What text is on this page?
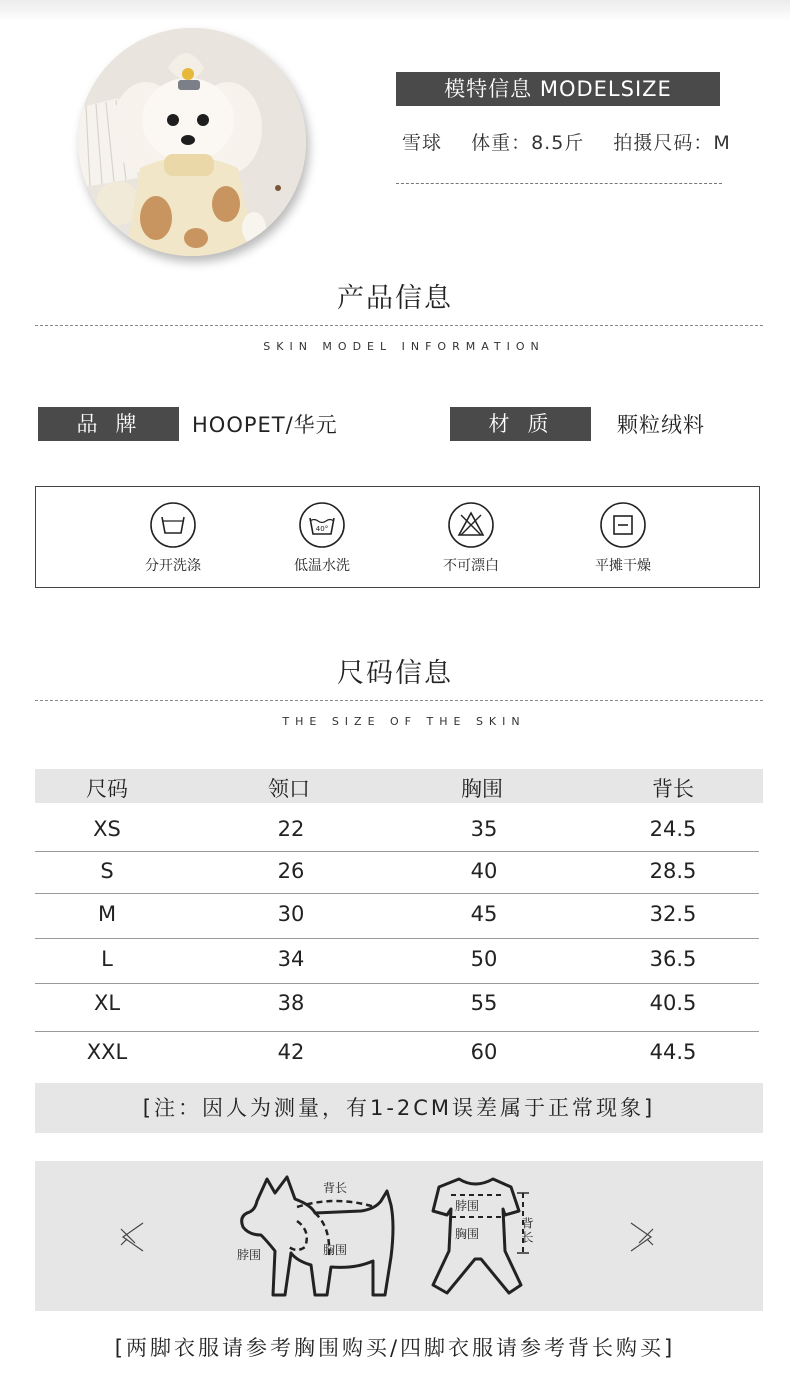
模特信息 MODELSIZE
雪球 体重：8.5斤 拍摄尺码：M
产品信息
SKIN MODEL INFORMATION
品牌	HOOPET/华元	材质	颗粒绒料
分开洗涤
40°
低温水洗	不可漂白	平摊干燥
尺码信息
THE SIZE OF THE SKIN
尺码	领口	胸围	背长
XS	22	35	24.5
S	26	40	28.5
M	30	45	32.5
L	34	50	36.5
XL	38	55	40.5
XXL	42	60	44.5
[注：因人为测量，有1-2CM误差属于正常现象]
背长
脖围	胸围
脖围
胸围	背长
[两脚衣服请参考胸围购买/四脚衣服请参考背长购买]
